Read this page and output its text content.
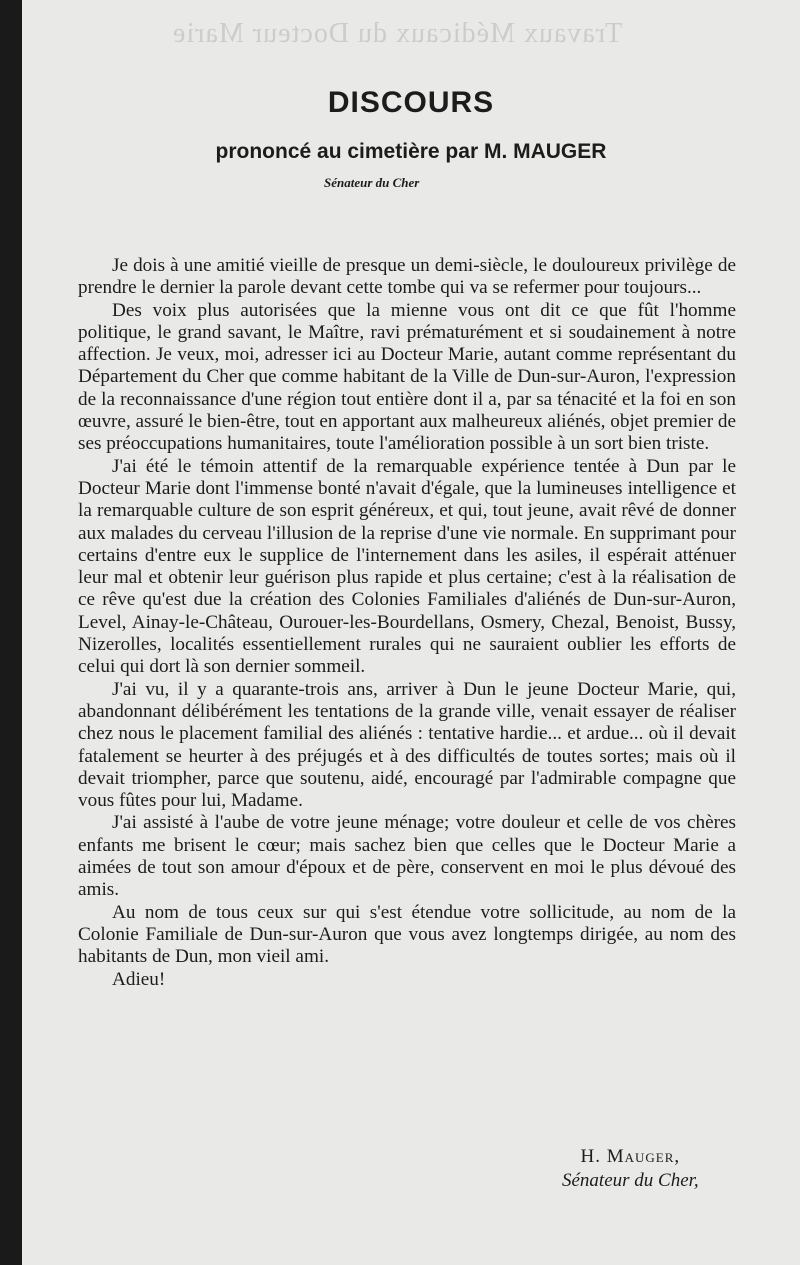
Travaux Médicaux du Docteur Marie
DISCOURS
prononcé au cimetière par M. MAUGER
Sénateur du Cher

Je dois à une amitié vieille de presque un demi-siècle, le douloureux privilège de prendre le dernier la parole devant cette tombe qui va se refermer pour toujours...

Des voix plus autorisées que la mienne vous ont dit ce que fût l'homme politique, le grand savant, le Maître, ravi prématurément et si soudainement à notre affection. Je veux, moi, adresser ici au Docteur Marie, autant comme représentant du Département du Cher que comme habitant de la Ville de Dun-sur-Auron, l'expression de la reconnaissance d'une région tout entière dont il a, par sa ténacité et la foi en son œuvre, assuré le bien-être, tout en apportant aux malheureux aliénés, objet premier de ses préoccupations humanitaires, toute l'amélioration possible à un sort bien triste.

J'ai été le témoin attentif de la remarquable expérience tentée à Dun par le Docteur Marie dont l'immense bonté n'avait d'égale, que la lumineuses intelligence et la remarquable culture de son esprit généreux, et qui, tout jeune, avait rêvé de donner aux malades du cerveau l'illusion de la reprise d'une vie normale. En supprimant pour certains d'entre eux le supplice de l'internement dans les asiles, il espérait atténuer leur mal et obtenir leur guérison plus rapide et plus certaine; c'est à la réalisation de ce rêve qu'est due la création des Colonies Familiales d'aliénés de Dun-sur-Auron, Level, Ainay-le-Château, Ourouer-les-Bourdellans, Osmery, Chezal, Benoist, Bussy, Nizerolles, localités essentiellement rurales qui ne sauraient oublier les efforts de celui qui dort là son dernier sommeil.

J'ai vu, il y a quarante-trois ans, arriver à Dun le jeune Docteur Marie, qui, abandonnant délibérément les tentations de la grande ville, venait essayer de réaliser chez nous le placement familial des aliénés : tentative hardie... et ardue... où il devait fatalement se heurter à des préjugés et à des difficultés de toutes sortes; mais où il devait triompher, parce que soutenu, aidé, encouragé par l'admirable compagne que vous fûtes pour lui, Madame.

J'ai assisté à l'aube de votre jeune ménage; votre douleur et celle de vos chères enfants me brisent le cœur; mais sachez bien que celles que le Docteur Marie a aimées de tout son amour d'époux et de père, conservent en moi le plus dévoué des amis.

Au nom de tous ceux sur qui s'est étendue votre sollicitude, au nom de la Colonie Familiale de Dun-sur-Auron que vous avez longtemps dirigée, au nom des habitants de Dun, mon vieil ami.

Adieu!

H. Mauger,
Sénateur du Cher,
